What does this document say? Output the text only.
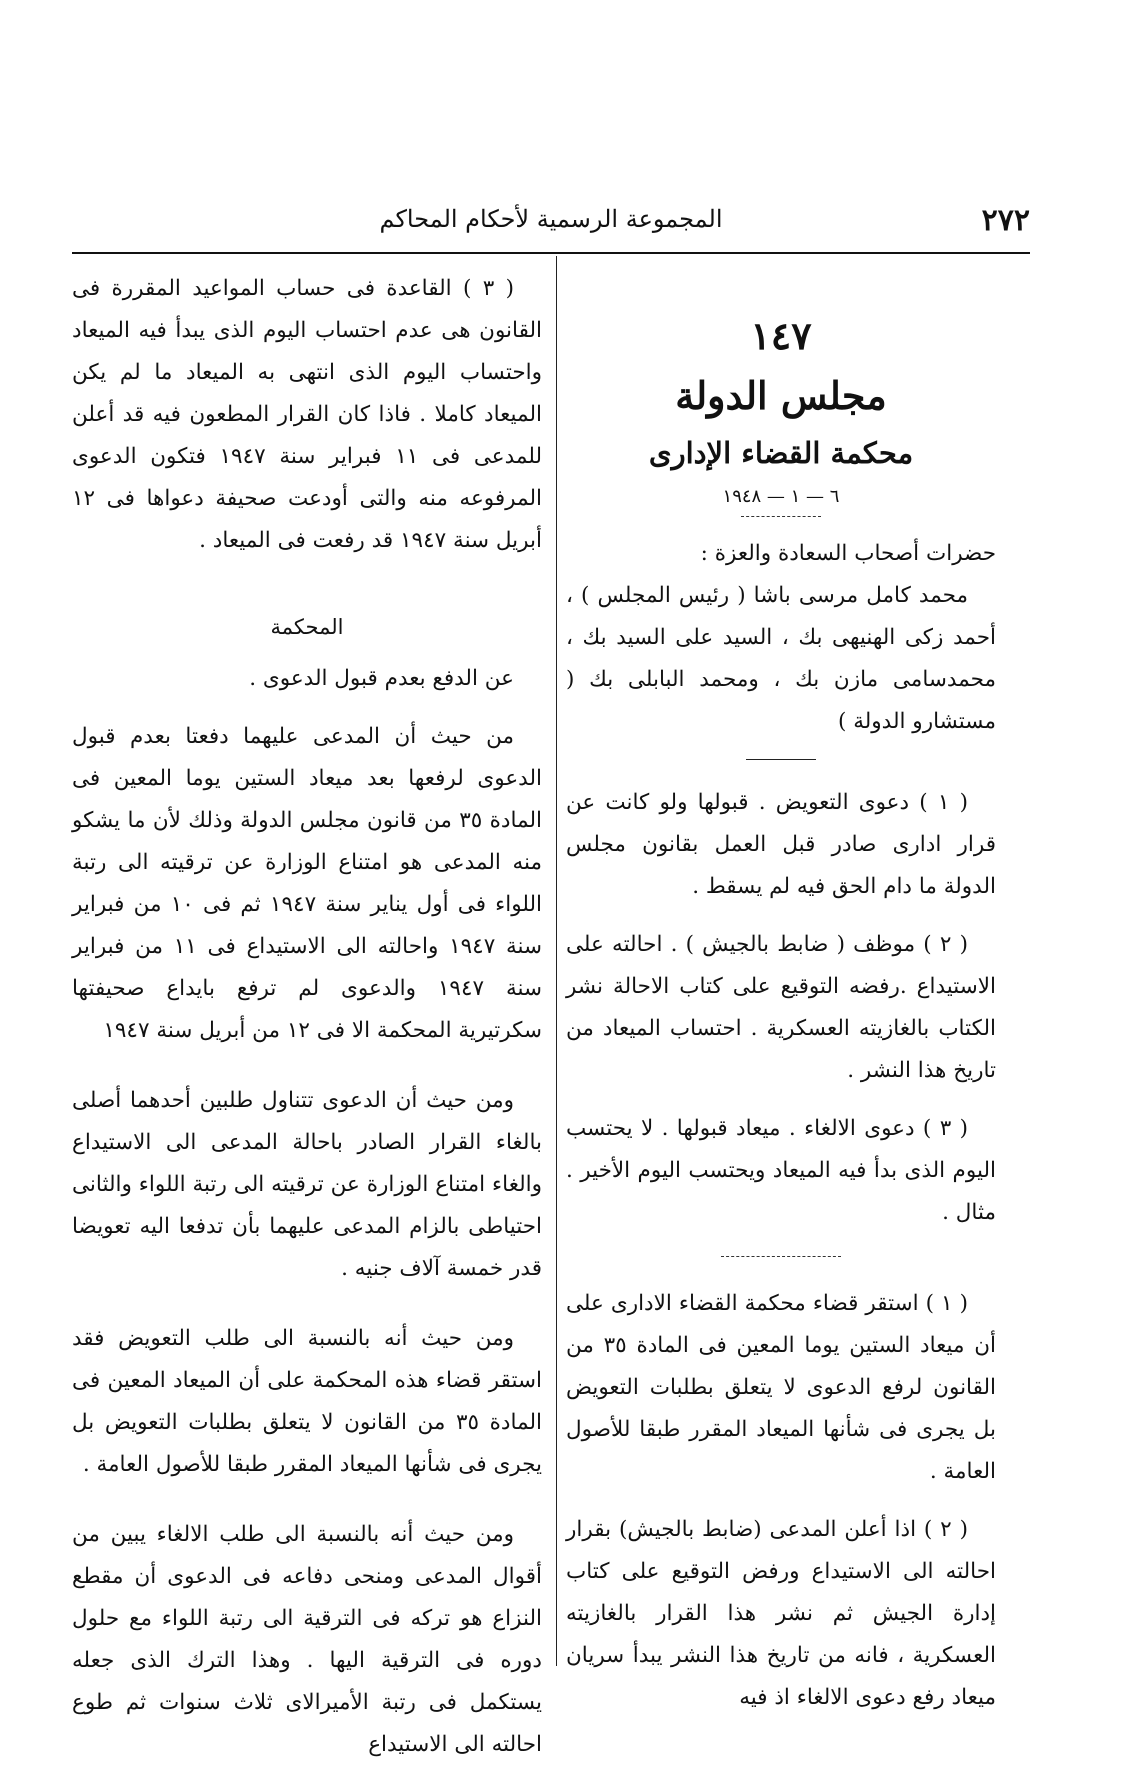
٢٧٢
المجموعة الرسمية لأحكام المحاكم

١٤٧

مجلس الدولة

محكمة القضاء الإدارى

٦ — ١ — ١٩٤٨

حضرات أصحاب السعادة والعزة :

محمد كامل مرسى باشا ( رئيس المجلس ) ، أحمد زكى الهنيهى بك ، السيد على السيد بك ، محمدسامى مازن بك ، ومحمد البابلى بك ( مستشارو الدولة )

( ١ ) دعوى التعويض . قبولها ولو كانت عن قرار ادارى صادر قبل العمل بقانون مجلس الدولة ما دام الحق فيه لم يسقط .

( ٢ ) موظف ( ضابط بالجيش ) . احالته على الاستيداع .رفضه التوقيع على كتاب الاحالة نشر الكتاب بالغازيته العسكرية . احتساب الميعاد من تاريخ هذا النشر .

( ٣ ) دعوى الالغاء . ميعاد قبولها . لا يحتسب اليوم الذى بدأ فيه الميعاد ويحتسب اليوم الأخير . مثال .

( ١ ) استقر قضاء محكمة القضاء الادارى على أن ميعاد الستين يوما المعين فى المادة ٣٥ من القانون لرفع الدعوى لا يتعلق بطلبات التعويض بل يجرى فى شأنها الميعاد المقرر طبقا للأصول العامة .

( ٢ ) اذا أعلن المدعى (ضابط بالجيش) بقرار احالته الى الاستيداع ورفض التوقيع على كتاب إدارة الجيش ثم نشر هذا القرار بالغازيته العسكرية ، فانه من تاريخ هذا النشر يبدأ سريان ميعاد رفع دعوى الالغاء اذ فيه

( ٣ ) القاعدة فى حساب المواعيد المقررة فى القانون هى عدم احتساب اليوم الذى يبدأ فيه الميعاد واحتساب اليوم الذى انتهى به الميعاد ما لم يكن الميعاد كاملا . فاذا كان القرار المطعون فيه قد أعلن للمدعى فى ١١ فبراير سنة ١٩٤٧ فتكون الدعوى المرفوعه منه والتى أودعت صحيفة دعواها فى ١٢ أبريل سنة ١٩٤٧ قد رفعت فى الميعاد .

المحكمة

عن الدفع بعدم قبول الدعوى .

من حيث أن المدعى عليهما دفعتا بعدم قبول الدعوى لرفعها بعد ميعاد الستين يوما المعين فى المادة ٣٥ من قانون مجلس الدولة وذلك لأن ما يشكو منه المدعى هو امتناع الوزارة عن ترقيته الى رتبة اللواء فى أول يناير سنة ١٩٤٧ ثم فى ١٠ من فبراير سنة ١٩٤٧ واحالته الى الاستيداع فى ١١ من فبراير سنة ١٩٤٧ والدعوى لم ترفع بايداع صحيفتها سكرتيرية المحكمة الا فى ١٢ من أبريل سنة ١٩٤٧

ومن حيث أن الدعوى تتناول طلبين أحدهما أصلى بالغاء القرار الصادر باحالة المدعى الى الاستيداع والغاء امتناع الوزارة عن ترقيته الى رتبة اللواء والثانى احتياطى بالزام المدعى عليهما بأن تدفعا اليه تعويضا قدر خمسة آلاف جنيه .

ومن حيث أنه بالنسبة الى طلب التعويض فقد استقر قضاء هذه المحكمة على أن الميعاد المعين فى المادة ٣٥ من القانون لا يتعلق بطلبات التعويض بل يجرى فى شأنها الميعاد المقرر طبقا للأصول العامة .

ومن حيث أنه بالنسبة الى طلب الالغاء يبين من أقوال المدعى ومنحى دفاعه فى الدعوى أن مقطع النزاع هو تركه فى الترقية الى رتبة اللواء مع حلول دوره فى الترقية اليها . وهذا الترك الذى جعله يستكمل فى رتبة الأميرالاى ثلاث سنوات ثم طوع احالته الى الاستيداع
